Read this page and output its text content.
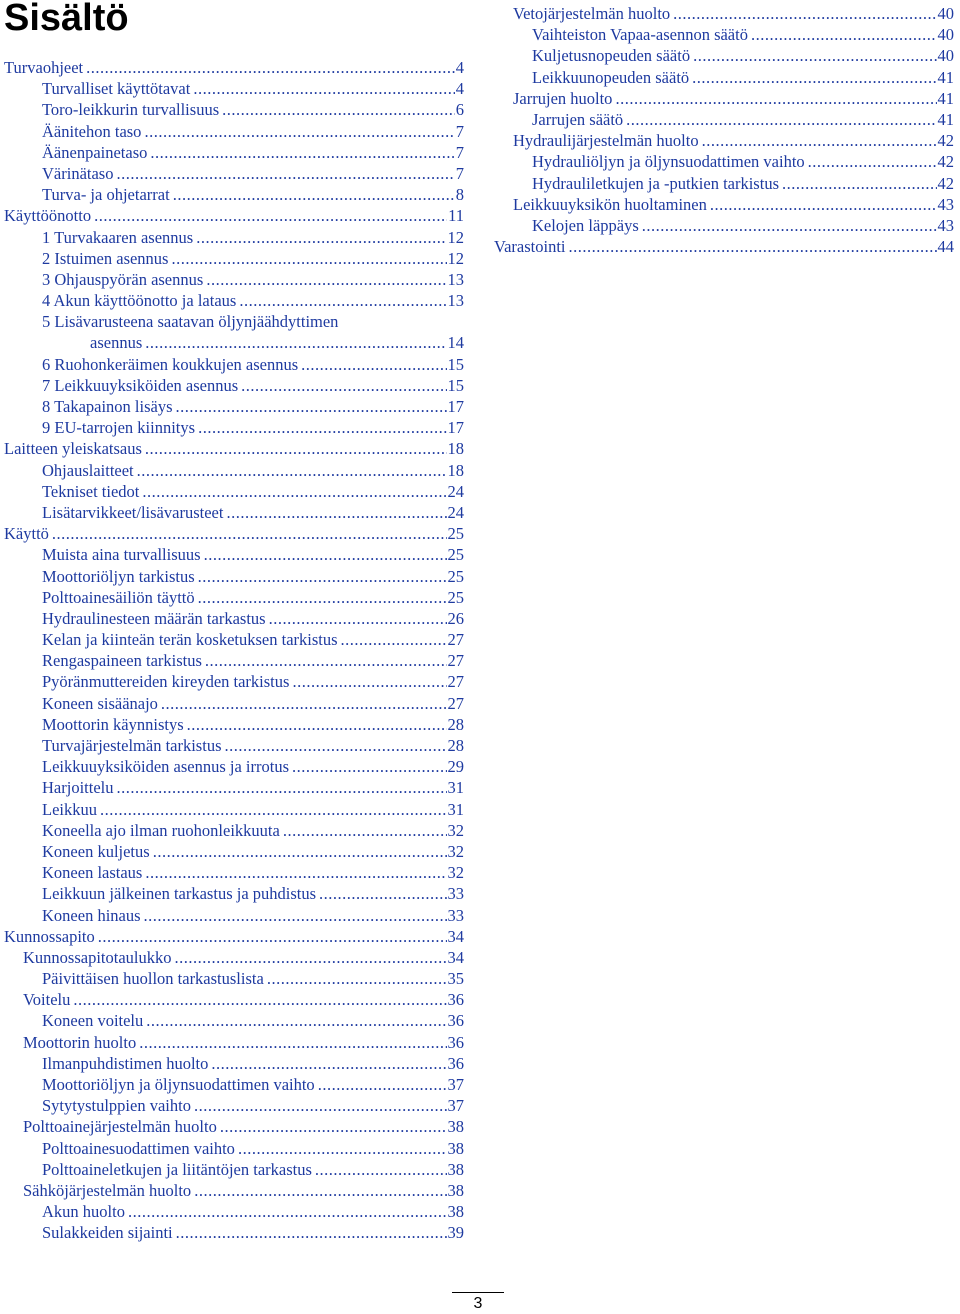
Sisältö
Turvaohjeet .....	4
Turvalliset käyttötavat .....	4
Toro-leikkurin turvallisuus .....	6
Äänitehon taso .....	7
Äänenpainetaso .....	7
Värinätaso .....	7
Turva- ja ohjetarrat .....	8
Käyttöönotto .....	11
1 Turvakaaren asennus .....	12
2 Istuimen asennus .....	12
3 Ohjauspyörän asennus .....	13
4 Akun käyttöönotto ja lataus .....	13
5 Lisävarusteena saatavan öljynjäähdyttimen
asennus .....	14
6 Ruohonkeräimen koukkujen asennus .....	15
7 Leikkuuyksiköiden asennus .....	15
8 Takapainon lisäys .....	17
9 EU-tarrojen kiinnitys .....	17
Laitteen yleiskatsaus .....	18
Ohjauslaitteet .....	18
Tekniset tiedot .....	24
Lisätarvikkeet/lisävarusteet .....	24
Käyttö .....	25
Muista aina turvallisuus .....	25
Moottoriöljyn tarkistus .....	25
Polttoainesäiliön täyttö .....	25
Hydraulinesteen määrän tarkastus .....	26
Kelan ja kiinteän terän kosketuksen tarkistus .....	27
Rengaspaineen tarkistus .....	27
Pyöränmuttereiden kireyden tarkistus .....	27
Koneen sisäänajo .....	27
Moottorin käynnistys .....	28
Turvajärjestelmän tarkistus .....	28
Leikkuuyksiköiden asennus ja irrotus .....	29
Harjoittelu .....	31
Leikkuu .....	31
Koneella ajo ilman ruohonleikkuuta .....	32
Koneen kuljetus .....	32
Koneen lastaus .....	32
Leikkuun jälkeinen tarkastus ja puhdistus .....	33
Koneen hinaus .....	33
Kunnossapito .....	34
Kunnossapitotaulukko .....	34
Päivittäisen huollon tarkastuslista .....	35
Voitelu .....	36
Koneen voitelu .....	36
Moottorin huolto .....	36
Ilmanpuhdistimen huolto .....	36
Moottoriöljyn ja öljynsuodattimen vaihto .....	37
Sytytystulppien vaihto .....	37
Polttoainejärjestelmän huolto .....	38
Polttoainesuodattimen vaihto .....	38
Polttoaineletkujen ja liitäntöjen tarkastus .....	38
Sähköjärjestelmän huolto .....	38
Akun huolto .....	38
Sulakkeiden sijainti .....	39
Vetojärjestelmän huolto .....	40
Vaihteiston Vapaa-asennon säätö .....	40
Kuljetusnopeuden säätö .....	40
Leikkuunopeuden säätö .....	41
Jarrujen huolto .....	41
Jarrujen säätö .....	41
Hydraulijärjestelmän huolto .....	42
Hydrauliöljyn ja öljynsuodattimen vaihto .....	42
Hydrauliletkujen ja -putkien tarkistus .....	42
Leikkuuyksikön huoltaminen .....	43
Kelojen läppäys .....	43
Varastointi .....	44
3
